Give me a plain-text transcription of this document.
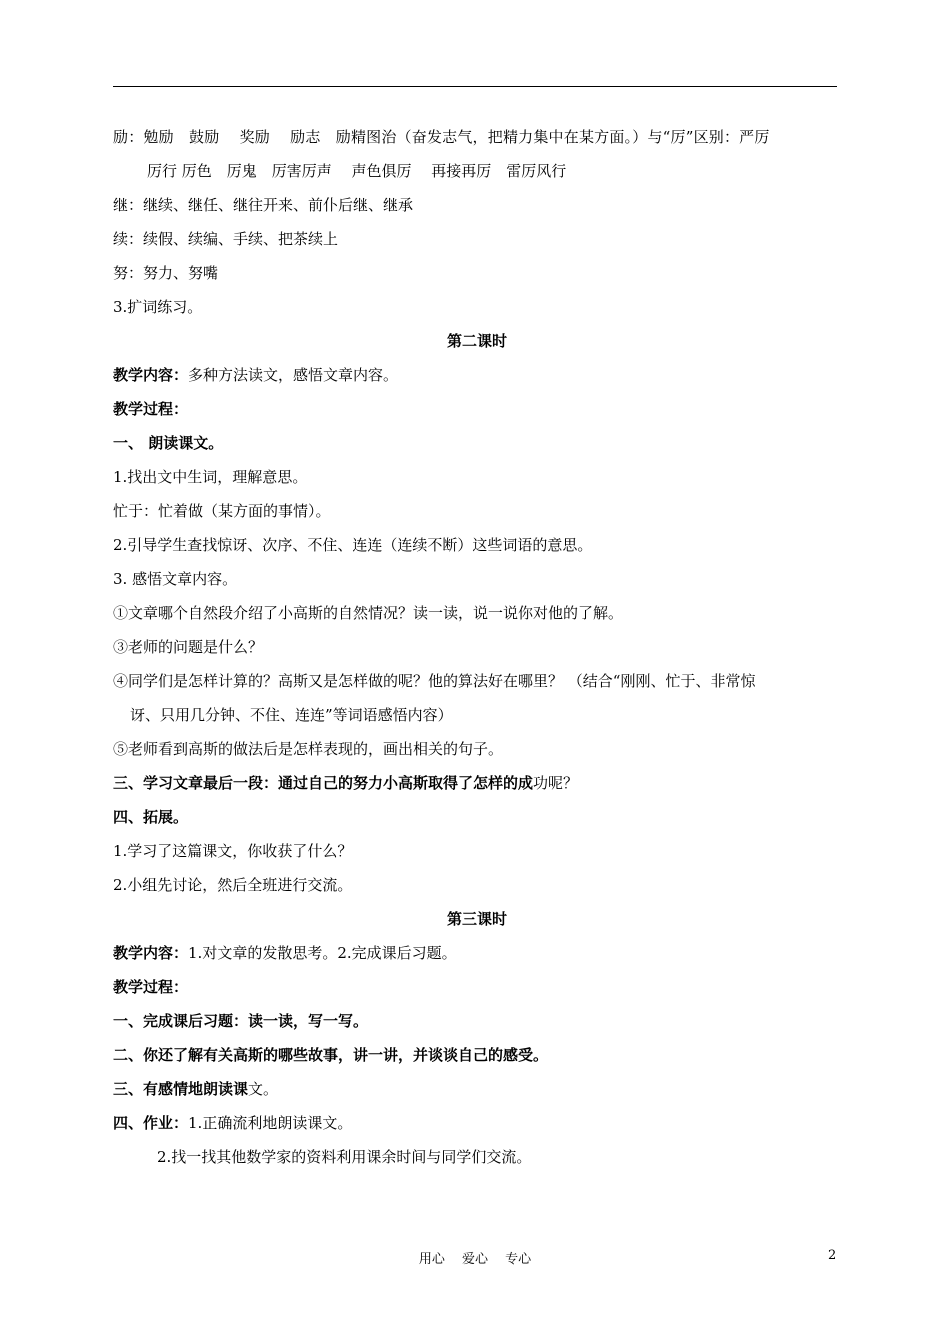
励：勉励　鼓励　 奖励　 励志　励精图治（奋发志气，把精力集中在某方面。）与“厉”区别：严厉
厉行 厉色　厉鬼　厉害厉声　 声色俱厉　 再接再厉　雷厉风行
继：继续、继任、继往开来、前仆后继、继承
续：续假、续编、手续、把茶续上
努：努力、努嘴
3.扩词练习。
第二课时
教学内容：多种方法读文，感悟文章内容。
教学过程：
一、 朗读课文。
1.找出文中生词，理解意思。
忙于：忙着做（某方面的事情）。
2.引导学生查找惊讶、次序、不住、连连（连续不断）这些词语的意思。
3. 感悟文章内容。
①文章哪个自然段介绍了小高斯的自然情况？读一读，说一说你对他的了解。
③老师的问题是什么？
④同学们是怎样计算的？高斯又是怎样做的呢？他的算法好在哪里？ （结合“刚刚、忙于、非常惊
讶、只用几分钟、不住、连连”等词语感悟内容）
⑤老师看到高斯的做法后是怎样表现的，画出相关的句子。
三、学习文章最后一段：通过自己的努力小高斯取得了怎样的成功呢？
四、拓展。
1.学习了这篇课文，你收获了什么？
2.小组先讨论，然后全班进行交流。
第三课时
教学内容：1.对文章的发散思考。2.完成课后习题。
教学过程：
一、完成课后习题：读一读，写一写。
二、你还了解有关高斯的哪些故事，讲一讲，并谈谈自己的感受。
三、有感情地朗读课文。
四、作业：1.正确流利地朗读课文。
2.找一找其他数学家的资料利用课余时间与同学们交流。
用心　 爱心　 专心	2
